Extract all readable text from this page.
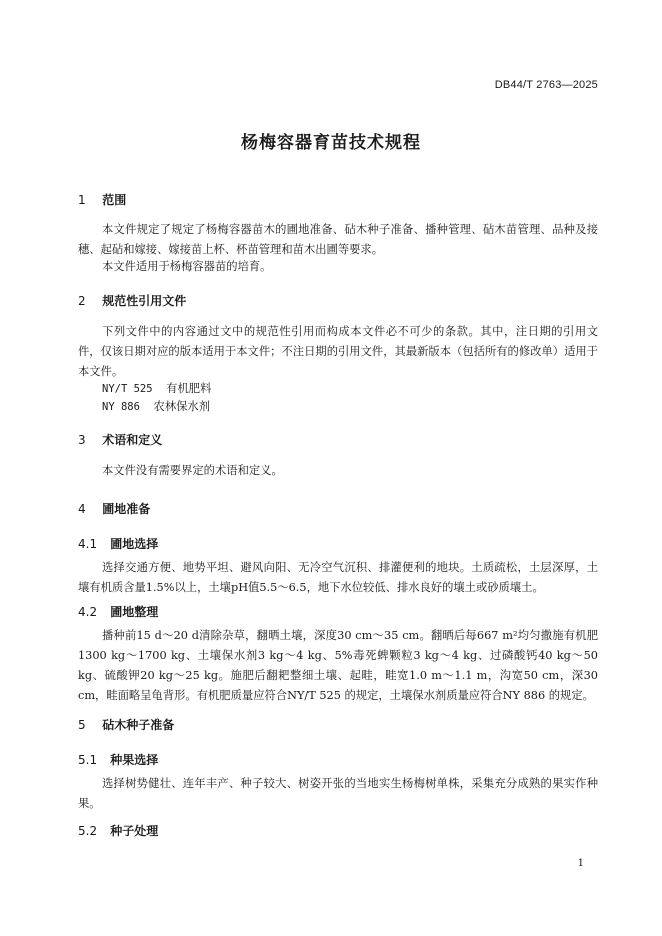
DB44/T 2763—2025
杨梅容器育苗技术规程
1 范围

本文件规定了规定了杨梅容器苗木的圃地准备、砧木种子准备、播种管理、砧木苗管理、品种及接穗、起砧和嫁接、嫁接苗上杯、杯苗管理和苗木出圃等要求。

本文件适用于杨梅容器苗的培育。

2 规范性引用文件

下列文件中的内容通过文中的规范性引用而构成本文件必不可少的条款。其中，注日期的引用文件，仅该日期对应的版本适用于本文件；不注日期的引用文件，其最新版本（包括所有的修改单）适用于本文件。

NY/T 525 有机肥料
NY 886 农林保水剂
3 术语和定义

本文件没有需要界定的术语和定义。

4 圃地准备
4.1 圃地选择

选择交通方便、地势平坦、避风向阳、无冷空气沉积、排灌便利的地块。土质疏松，土层深厚，土壤有机质含量1.5%以上，土壤pH值5.5～6.5，地下水位较低、排水良好的壤土或砂质壤土。

4.2 圃地整理

播种前15 d～20 d清除杂草，翻晒土壤，深度30 cm～35 cm。翻晒后每667 m²均匀撒施有机肥1300 kg～1700 kg、土壤保水剂3 kg～4 kg、5%毒死蜱颗粒3 kg～4 kg、过磷酸钙40 kg～50 kg、硫酸钾20 kg～25 kg。施肥后翻耙整细土壤、起畦，畦宽1.0 m～1.1 m，沟宽50 cm，深30 cm，畦面略呈龟背形。有机肥质量应符合NY/T 525 的规定，土壤保水剂质量应符合NY 886 的规定。

5 砧木种子准备
5.1 种果选择

选择树势健壮、连年丰产、种子较大、树姿开张的当地实生杨梅树单株，采集充分成熟的果实作种果。

5.2 种子处理
1
